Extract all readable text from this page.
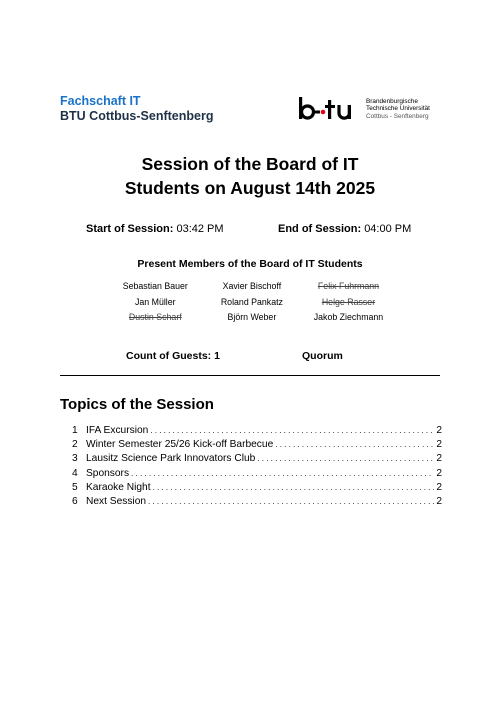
Fachschaft IT
BTU Cottbus-Senftenberg
Brandenburgische
Technische Universität
Cottbus - Senftenberg
Session of the Board of IT
Students on August 14th 2025
Start of Session: 03:42 PM	End of Session: 04:00 PM
Present Members of the Board of IT Students
Sebastian Bauer	Xavier Bischoff	Felix Fuhrmann
Jan Müller	Roland Pankatz	Helge Rasser
Dustin Scharf	Björn Weber	Jakob Ziechmann
Count of Guests: 1	Quorum
Topics of the Session
1 IFA Excursion . . .	2
2 Winter Semester 25/26 Kick-off Barbecue . . .	2
3 Lausitz Science Park Innovators Club . . .	2
4 Sponsors . . .	2
5 Karaoke Night . . .	2
6 Next Session . . .	2
